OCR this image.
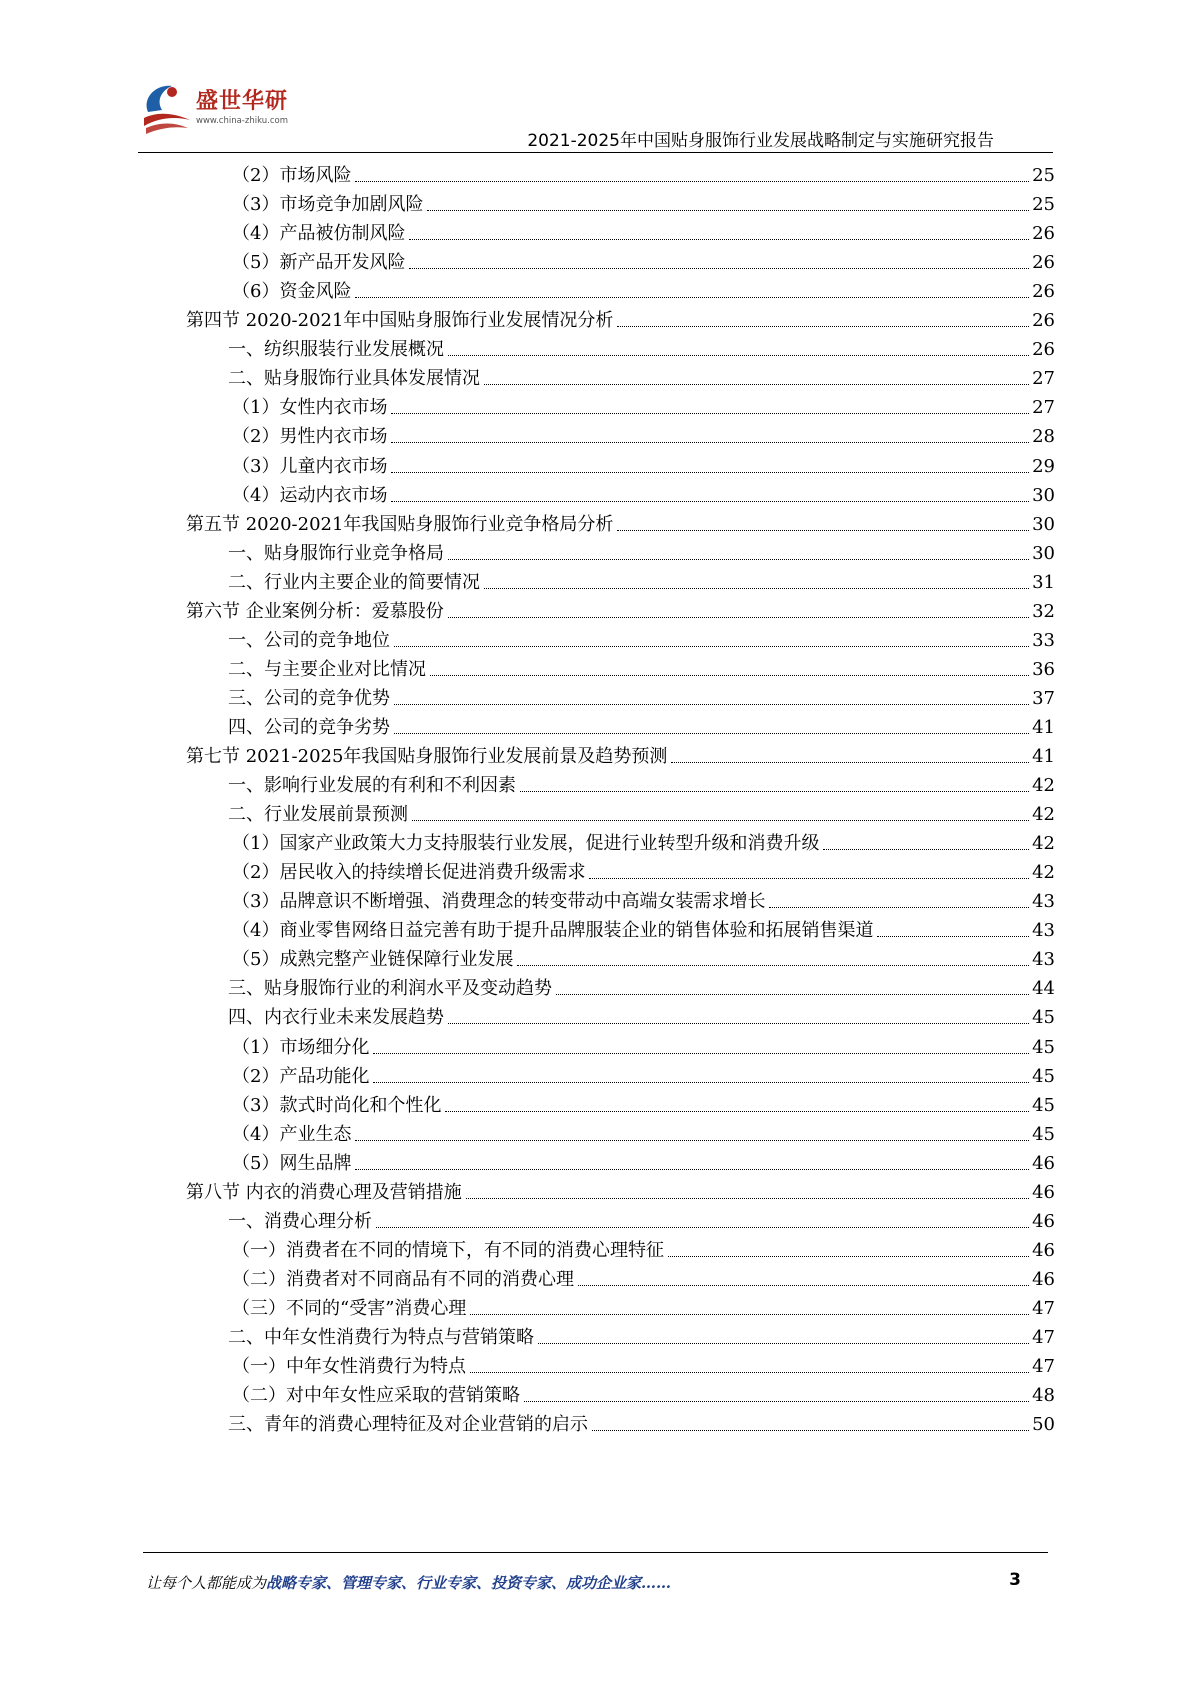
盛世华研
www.china-zhiku.com
2021-2025年中国贴身服饰行业发展战略制定与实施研究报告
（2）市场风险	25
（3）市场竞争加剧风险	25
（4）产品被仿制风险	26
（5）新产品开发风险	26
（6）资金风险	26
第四节 2020-2021年中国贴身服饰行业发展情况分析	26
一、纺织服装行业发展概况	26
二、贴身服饰行业具体发展情况	27
（1）女性内衣市场	27
（2）男性内衣市场	28
（3）儿童内衣市场	29
（4）运动内衣市场	30
第五节 2020-2021年我国贴身服饰行业竞争格局分析	30
一、贴身服饰行业竞争格局	30
二、行业内主要企业的简要情况	31
第六节 企业案例分析：爱慕股份	32
一、公司的竞争地位	33
二、与主要企业对比情况	36
三、公司的竞争优势	37
四、公司的竞争劣势	41
第七节 2021-2025年我国贴身服饰行业发展前景及趋势预测	41
一、影响行业发展的有利和不利因素	42
二、行业发展前景预测	42
（1）国家产业政策大力支持服装行业发展，促进行业转型升级和消费升级	42
（2）居民收入的持续增长促进消费升级需求	42
（3）品牌意识不断增强、消费理念的转变带动中高端女装需求增长	43
（4）商业零售网络日益完善有助于提升品牌服装企业的销售体验和拓展销售渠道	43
（5）成熟完整产业链保障行业发展	43
三、贴身服饰行业的利润水平及变动趋势	44
四、内衣行业未来发展趋势	45
（1）市场细分化	45
（2）产品功能化	45
（3）款式时尚化和个性化	45
（4）产业生态	45
（5）网生品牌	46
第八节 内衣的消费心理及营销措施	46
一、消费心理分析	46
（一）消费者在不同的情境下，有不同的消费心理特征	46
（二）消费者对不同商品有不同的消费心理	46
（三）不同的“受害”消费心理	47
二、中年女性消费行为特点与营销策略	47
（一）中年女性消费行为特点	47
（二）对中年女性应采取的营销策略	48
三、青年的消费心理特征及对企业营销的启示	50
让每个人都能成为战略专家、管理专家、行业专家、投资专家、成功企业家……	3
